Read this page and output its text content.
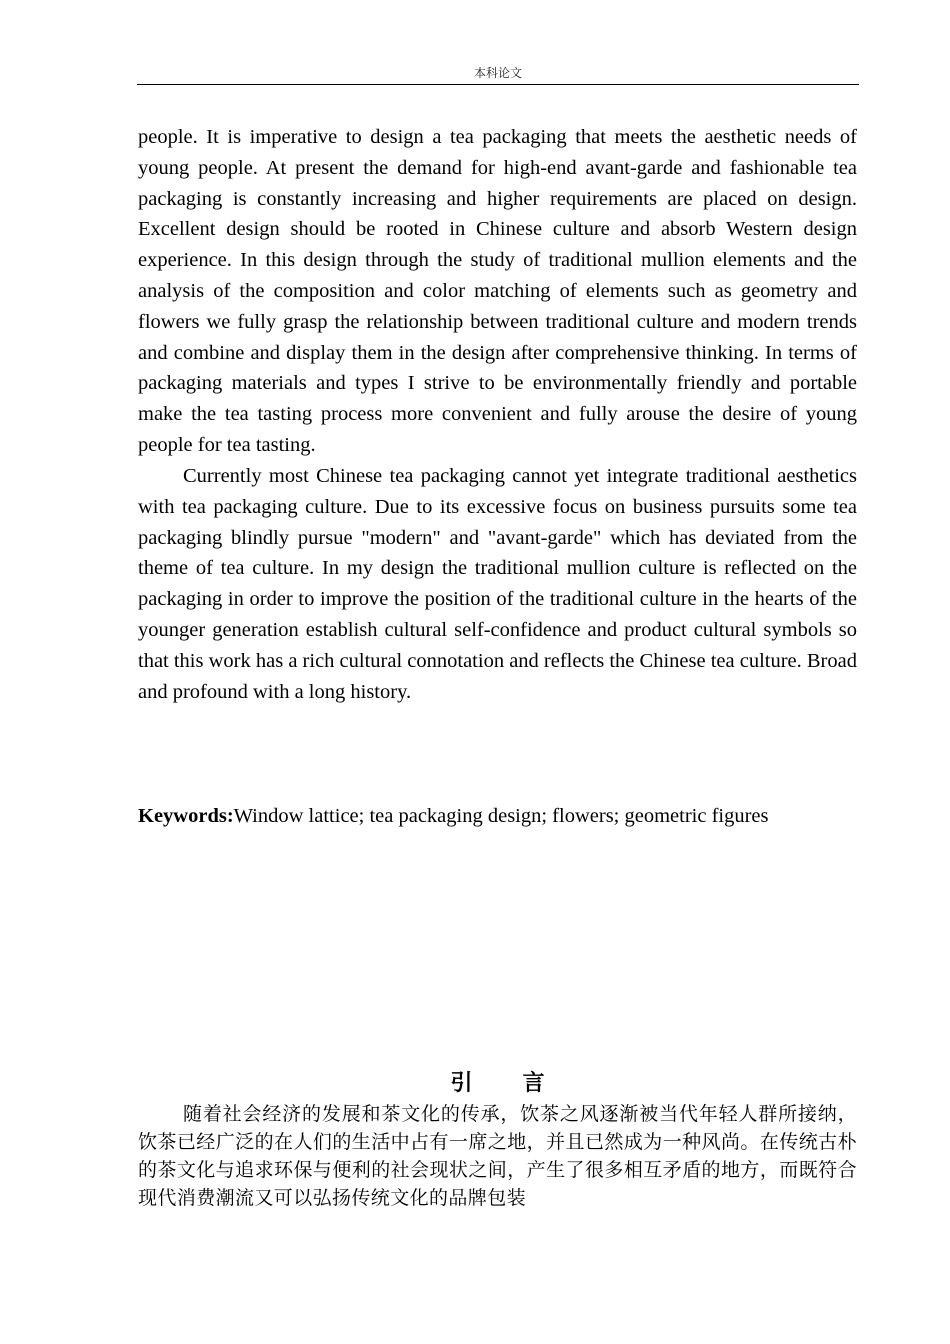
本科论文

people. It is imperative to design a tea packaging that meets the aesthetic needs of young people. At present the demand for high-end avant-garde and fashionable tea packaging is constantly increasing and higher requirements are placed on design. Excellent design should be rooted in Chinese culture and absorb Western design experience. In this design through the study of traditional mullion elements and the analysis of the composition and color matching of elements such as geometry and flowers we fully grasp the relationship between traditional culture and modern trends and combine and display them in the design after comprehensive thinking. In terms of packaging materials and types I strive to be environmentally friendly and portable make the tea tasting process more convenient and fully arouse the desire of young people for tea tasting.

Currently most Chinese tea packaging cannot yet integrate traditional aesthetics with tea packaging culture. Due to its excessive focus on business pursuits some tea packaging blindly pursue "modern" and "avant-garde" which has deviated from the theme of tea culture. In my design the traditional mullion culture is reflected on the packaging in order to improve the position of the traditional culture in the hearts of the younger generation establish cultural self-confidence and product cultural symbols so that this work has a rich cultural connotation and reflects the Chinese tea culture. Broad and profound with a long history.

Keywords:Window lattice; tea packaging design; flowers; geometric figures

引言

随着社会经济的发展和茶文化的传承，饮茶之风逐渐被当代年轻人群所接纳，饮茶已经广泛的在人们的生活中占有一席之地，并且已然成为一种风尚。在传统古朴的茶文化与追求环保与便利的社会现状之间，产生了很多相互矛盾的地方，而既符合现代消费潮流又可以弘扬传统文化的品牌包装
